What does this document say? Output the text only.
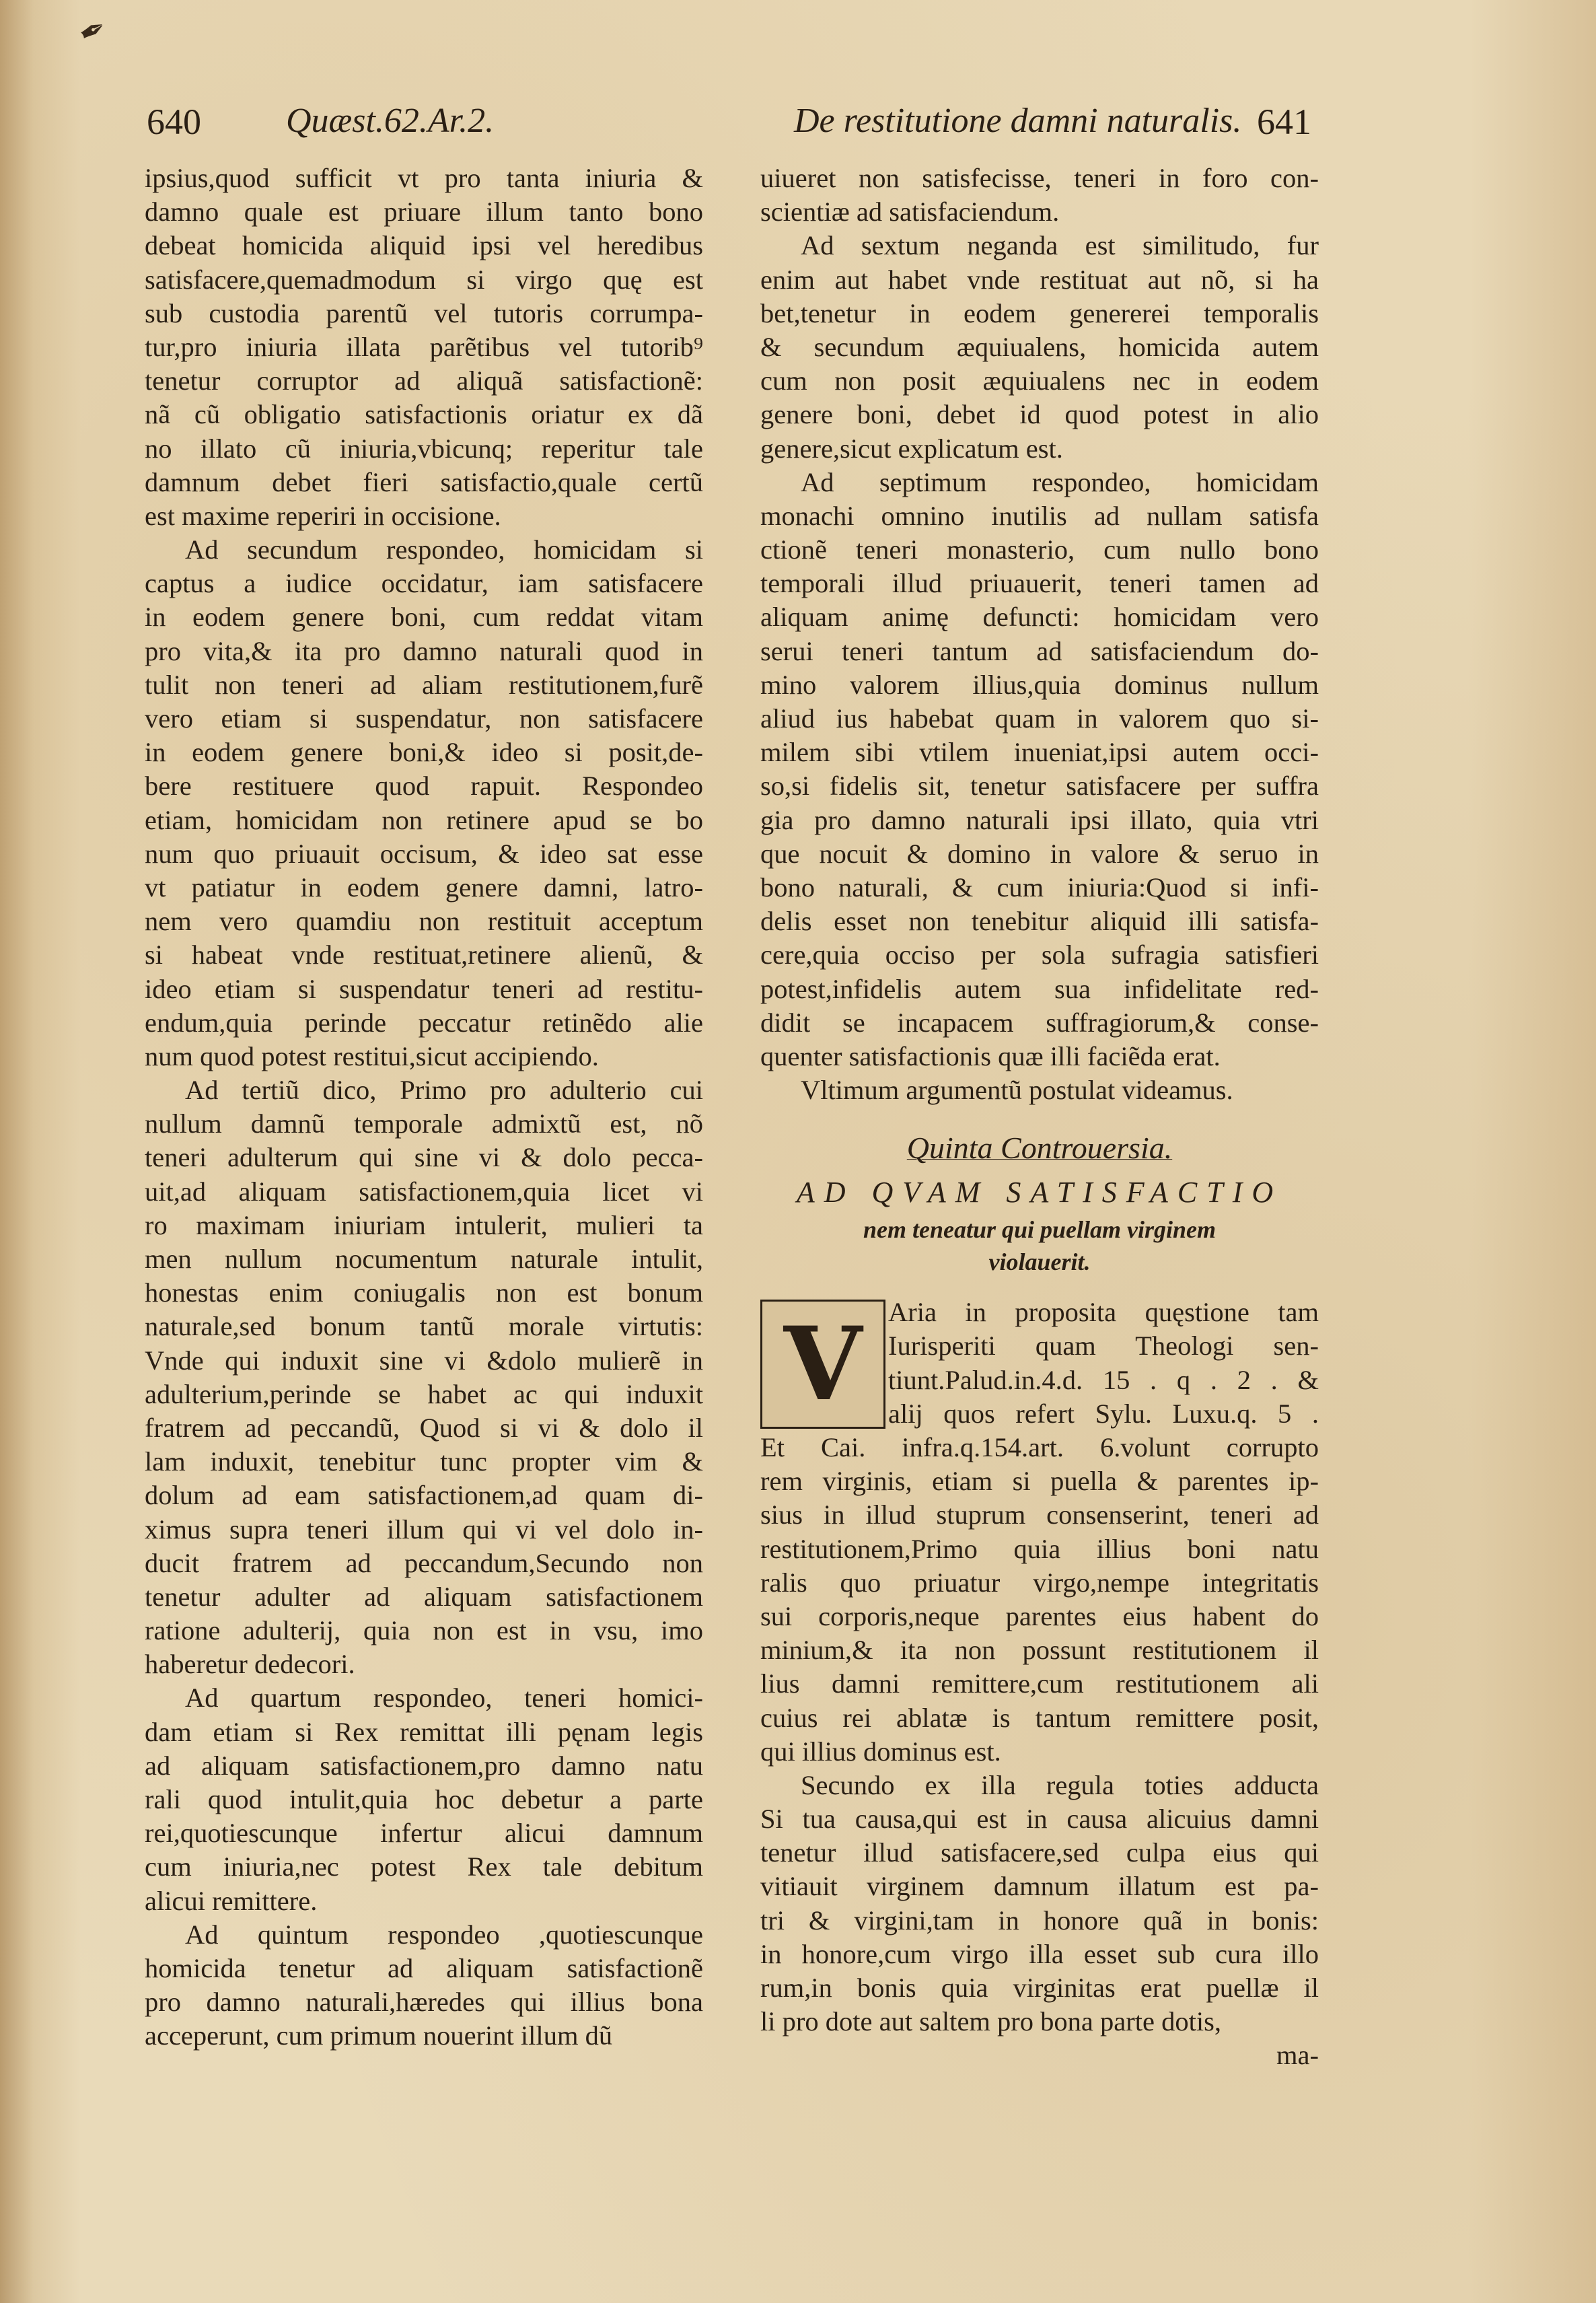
✒
640 Quæst.62.Ar.2.	De restitutione damni naturalis. 641
ipsius,quod sufficit vt pro tanta iniuria &
damno quale est priuare illum tanto bono
debeat homicida aliquid ipsi vel heredibus
satisfacere,quemadmodum si virgo quę est
sub custodia parentũ vel tutoris corrumpa-
tur,pro iniuria illata parẽtibus vel tutorib⁹
tenetur corruptor ad aliquã satisfactionẽ:
nã cũ obligatio satisfactionis oriatur ex dã
no illato cũ iniuria,vbicunq; reperitur tale
damnum debet fieri satisfactio,quale certũ
est maxime reperiri in occisione.
Ad secundum respondeo, homicidam si
captus a iudice occidatur, iam satisfacere
in eodem genere boni, cum reddat vitam
pro vita,& ita pro damno naturali quod in
tulit non teneri ad aliam restitutionem,furẽ
vero etiam si suspendatur, non satisfacere
in eodem genere boni,& ideo si posit,de-
bere restituere quod rapuit. Respondeo
etiam, homicidam non retinere apud se bo
num quo priuauit occisum, & ideo sat esse
vt patiatur in eodem genere damni, latro-
nem vero quamdiu non restituit acceptum
si habeat vnde restituat,retinere alienũ, &
ideo etiam si suspendatur teneri ad restitu-
endum,quia perinde peccatur retinẽdo alie
num quod potest restitui,sicut accipiendo.
Ad tertiũ dico, Primo pro adulterio cui
nullum damnũ temporale admixtũ est, nõ
teneri adulterum qui sine vi & dolo pecca-
uit,ad aliquam satisfactionem,quia licet vi
ro maximam iniuriam intulerit, mulieri ta
men nullum nocumentum naturale intulit,
honestas enim coniugalis non est bonum
naturale,sed bonum tantũ morale virtutis:
Vnde qui induxit sine vi &dolo mulierẽ in
adulterium,perinde se habet ac qui induxit
fratrem ad peccandũ, Quod si vi & dolo il
lam induxit, tenebitur tunc propter vim &
dolum ad eam satisfactionem,ad quam di-
ximus supra teneri illum qui vi vel dolo in-
ducit fratrem ad peccandum,Secundo non
tenetur adulter ad aliquam satisfactionem
ratione adulterij, quia non est in vsu, imo
haberetur dedecori.
Ad quartum respondeo, teneri homici-
dam etiam si Rex remittat illi pęnam legis
ad aliquam satisfactionem,pro damno natu
rali quod intulit,quia hoc debetur a parte
rei,quotiescunque infertur alicui damnum
cum iniuria,nec potest Rex tale debitum
alicui remittere.
Ad quintum respondeo ,quotiescunque
homicida tenetur ad aliquam satisfactionẽ
pro damno naturali,hæredes qui illius bona
acceperunt, cum primum nouerint illum dũ
uiueret non satisfecisse, teneri in foro con-
scientiæ ad satisfaciendum.
Ad sextum neganda est similitudo, fur
enim aut habet vnde restituat aut nõ, si ha
bet,tenetur in eodem genererei temporalis
& secundum æquiualens, homicida autem
cum non posit æquiualens nec in eodem
genere boni, debet id quod potest in alio
genere,sicut explicatum est.
Ad septimum respondeo, homicidam
monachi omnino inutilis ad nullam satisfa
ctionẽ teneri monasterio, cum nullo bono
temporali illud priuauerit, teneri tamen ad
aliquam animę defuncti: homicidam vero
serui teneri tantum ad satisfaciendum do-
mino valorem illius,quia dominus nullum
aliud ius habebat quam in valorem quo si-
milem sibi vtilem inueniat,ipsi autem occi-
so,si fidelis sit, tenetur satisfacere per suffra
gia pro damno naturali ipsi illato, quia vtri
que nocuit & domino in valore & seruo in
bono naturali, & cum iniuria:Quod si infi-
delis esset non tenebitur aliquid illi satisfa-
cere,quia occiso per sola sufragia satisfieri
potest,infidelis autem sua infidelitate red-
didit se incapacem suffragiorum,& conse-
quenter satisfactionis quæ illi faciẽda erat.
Vltimum argumentũ postulat videamus.
Quinta Controuersia.
AD QVAM SATISFACTIO
nem teneatur qui puellam virginem
violauerit.
V Aria in proposita quęstione tam
Iurisperiti quam Theologi sen-
tiunt.Palud.in.4.d. 15 . q . 2 . &
alij quos refert Sylu. Luxu.q. 5 .
Et Cai. infra.q.154.art. 6.volunt corrupto
rem virginis, etiam si puella & parentes ip-
sius in illud stuprum consenserint, teneri ad
restitutionem,Primo quia illius boni natu
ralis quo priuatur virgo,nempe integritatis
sui corporis,neque parentes eius habent do
minium,& ita non possunt restitutionem il
lius damni remittere,cum restitutionem ali
cuius rei ablatæ is tantum remittere posit,
qui illius dominus est.
Secundo ex illa regula toties adducta
Si tua causa,qui est in causa alicuius damni
tenetur illud satisfacere,sed culpa eius qui
vitiauit virginem damnum illatum est pa-
tri & virgini,tam in honore quã in bonis:
in honore,cum virgo illa esset sub cura illo
rum,in bonis quia virginitas erat puellæ il
li pro dote aut saltem pro bona parte dotis,
ma-
